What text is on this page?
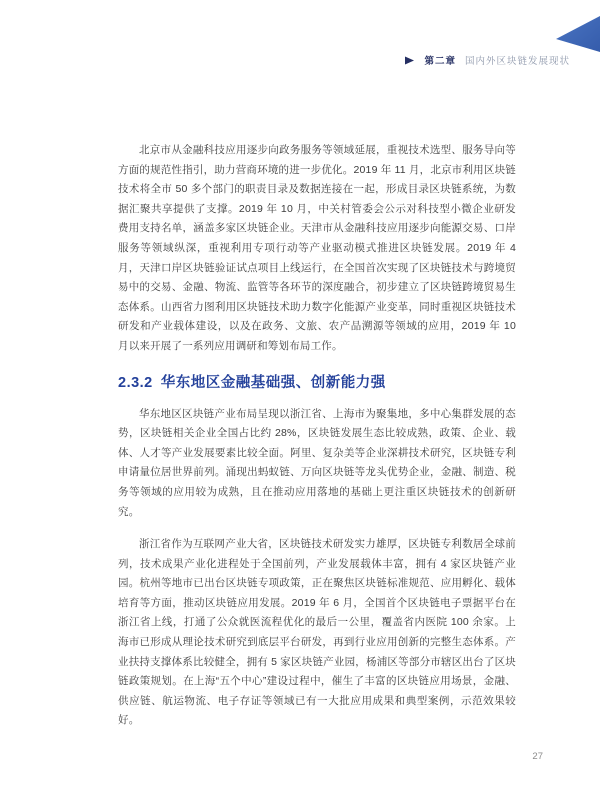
第二章 国内外区块链发展现状

北京市从金融科技应用逐步向政务服务等领域延展，重视技术选型、服务导向等方面的规范性指引，助力营商环境的进一步优化。2019 年 11 月，北京市利用区块链技术将全市 50 多个部门的职责目录及数据连接在一起，形成目录区块链系统，为数据汇聚共享提供了支撑。2019 年 10 月，中关村管委会公示对科技型小微企业研发费用支持名单，涵盖多家区块链企业。天津市从金融科技应用逐步向能源交易、口岸服务等领域纵深，重视利用专项行动等产业驱动模式推进区块链发展。2019 年 4 月，天津口岸区块链验证试点项目上线运行，在全国首次实现了区块链技术与跨境贸易中的交易、金融、物流、监管等各环节的深度融合，初步建立了区块链跨境贸易生态体系。山西省力图利用区块链技术助力数字化能源产业变革，同时重视区块链技术研发和产业载体建设，以及在政务、文旅、农产品溯源等领域的应用，2019 年 10 月以来开展了一系列应用调研和筹划布局工作。

2.3.2 华东地区金融基础强、创新能力强

华东地区区块链产业布局呈现以浙江省、上海市为聚集地，多中心集群发展的态势，区块链相关企业全国占比约 28%，区块链发展生态比较成熟，政策、企业、载体、人才等产业发展要素比较全面。阿里、复杂美等企业深耕技术研究，区块链专利申请量位居世界前列。涌现出蚂蚁链、万向区块链等龙头优势企业，金融、制造、税务等领域的应用较为成熟，且在推动应用落地的基础上更注重区块链技术的创新研究。

浙江省作为互联网产业大省，区块链技术研发实力雄厚，区块链专利数居全球前列，技术成果产业化进程处于全国前列，产业发展载体丰富，拥有 4 家区块链产业园。杭州等地市已出台区块链专项政策，正在聚焦区块链标准规范、应用孵化、载体培育等方面，推动区块链应用发展。2019 年 6 月，全国首个区块链电子票据平台在浙江省上线，打通了公众就医流程优化的最后一公里，覆盖省内医院 100 余家。上海市已形成从理论技术研究到底层平台研发，再到行业应用创新的完整生态体系。产业扶持支撑体系比较健全，拥有 5 家区块链产业园，杨浦区等部分市辖区出台了区块链政策规划。在上海“五个中心”建设过程中，催生了丰富的区块链应用场景，金融、供应链、航运物流、电子存证等领域已有一大批应用成果和典型案例，示范效果较好。

27
